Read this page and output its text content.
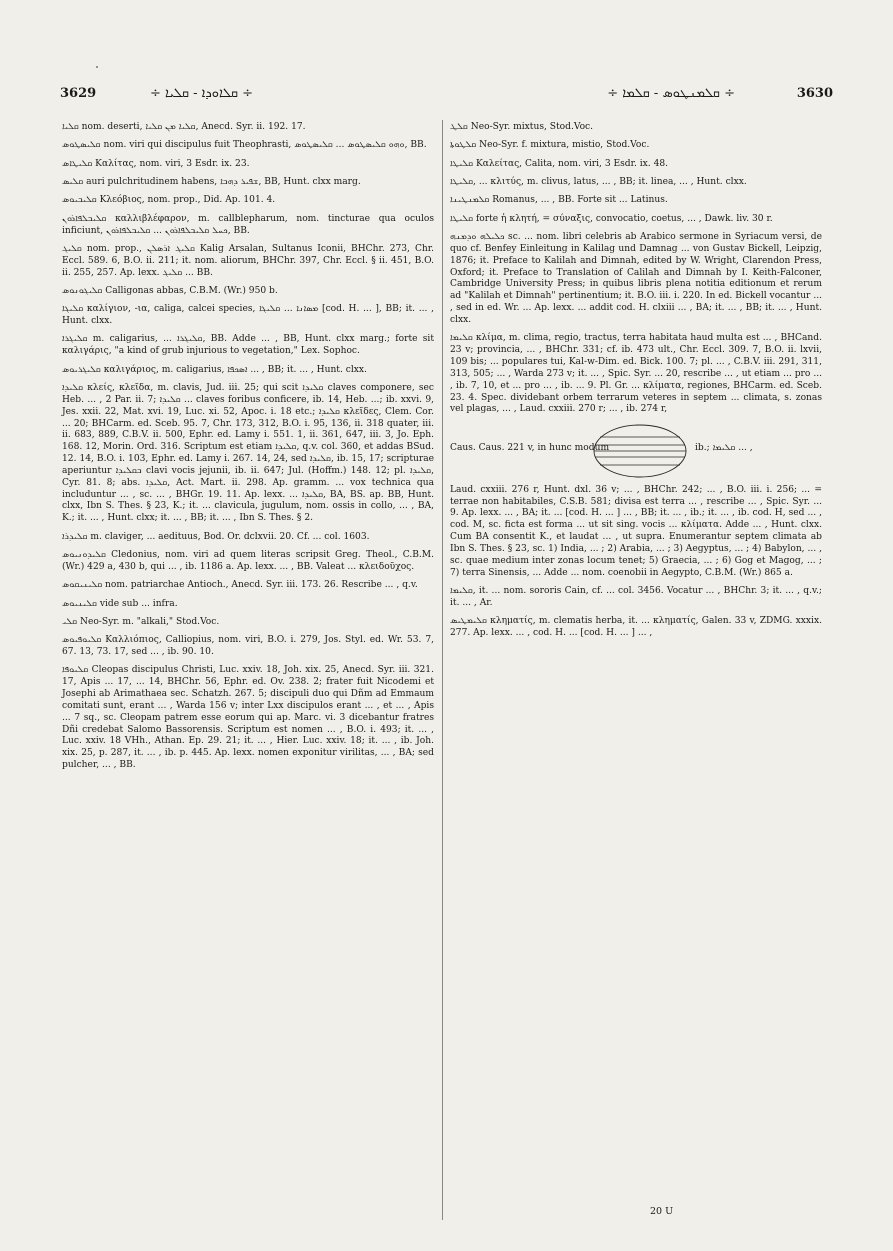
3629	÷ ܩܠܐܘܕܐ - ܩܠܝܐ ÷	÷ ܩܠܡܢܛܘܣ - ܩܠܡܐ ÷	3630

ܩܠܝܐ nom. deserti, ܩܠܝܐ ܡܢ ܩܠܝܐ, Anecd. Syr. ii. 192. 17.

ܩܠܝܣܛܘܣ nom. viri qui discipulus fuit Theophrasti, ܘܗܘ ܩܠܝܣܛܘܣ ... ܩܠܝܣܛܘܣ, BB.

ܩܠܝܛܐܣ Καλίτας, nom. viri, 3 Esdr. ix. 23.

ܩܠܝܣ auri pulchritudinem habens, ܫܦܝܪ ܕܗܒܐ, BB, Hunt. clxx marg.

ܩܠܝܒܝܘܣ Κλεόβιος, nom. prop., Did. Ap. 101. 4.

ܩܠܝܒܠܦܐܪܘܢ καλλιβλέφαρον, m. callblepharum, nom. tincturae qua oculos inficiunt, ܟܚܠ ܩܠܝܒܠܦܐܪܘܢ ... ܩܠܝܒܠܦܐܪܘܢ, BB.

ܩܠܝܓ nom. prop., ܩܠܝܓ ܐܪܣܠܢ Kalig Arsalan, Sultanus Iconii, BHChr. 273, Chr. Eccl. 589. 6, B.O. ii. 211; it. nom. aliorum, BHChr. 397, Chr. Eccl. § ii. 451, B.O. ii. 255, 257. Ap. lexx. ܩܠܝܓ ... BB.

ܩܠܝܓܘܢܘܣ Calligonas abbas, C.B.M. (Wr.) 950 b.

ܩܠܝܓܐ καλίγιον, -ια, caliga, calcei species, ܡܣܐܢܐ ... ܩܠܝܓܐ [cod. H. ... ], BB; it. ... , Hunt. clxx.

ܩܠܝܓܪܐ m. caligarius, ... ܩܠܝܓܪܐ, BB. Adde ... , BB, Hunt. clxx marg.; forte sit καλιγάρις, "a kind of grub injurious to vegetation," Lex. Sophoc.

ܩܠܝܓܪܝܘܣ καλιγάριος, m. caligarius, ܐܣܟܦܐ ... , BB; it. ... , Hunt. clxx.

ܩܠܝܕܐ κλείς, κλεῖδα, m. clavis, Jud. iii. 25; qui scit ܩܠܝܕܐ claves componere, sec Heb. ... , 2 Par. ii. 7; ܩܠܝܕܐ ... claves foribus conficere, ib. 14, Heb. ...; ib. xxvi. 9, Jes. xxii. 22, Mat. xvi. 19, Luc. xi. 52, Apoc. i. 18 etc.; ܩܠܝܕܐ κλεῖδες, Clem. Cor. ... 20; BHCarm. ed. Sceb. 95. 7, Chr. 173, 312, B.O. i. 95, 136, ii. 318 quater, iii. ii. 683, 889, C.B.V. ii. 500, Ephr. ed. Lamy i. 551. 1, ii. 361, 647, iii. 3, Jo. Eph. 168. 12, Morin. Ord. 316. Scriptum est etiam ܩܠܝܕܐ, q.v. col. 360, et addas BSud. 12. 14, B.O. i. 103, Ephr. ed. Lamy i. 267. 14, 24, sed ܩܠܝܕܐ, ib. 15, 17; scripturae aperiuntur ܒܩܠܝܕܐ clavi vocis jejunii, ib. ii. 647; Jul. (Hoffm.) 148. 12; pl. ܩܠܝܕܐ, Cyr. 81. 8; abs. ܩܠܝܕܐ, Act. Mart. ii. 298. Ap. gramm. ... vox technica qua includuntur ... , sc. ... , BHGr. 19. 11. Ap. lexx. ... ܩܠܝܕܐ, BA, BS. ap. BB, Hunt. clxx, Ibn S. Thes. § 23, K.; it. ... clavicula, jugulum, nom. ossis in collo, ... , BA, K.; it. ... , Hunt. clxx; it. ... , BB; it. ... , Ibn S. Thes. § 2.

ܩܠܝܕܪܐ m. claviger, ... aedituus, Bod. Or. dclxvii. 20. Cf. ... col. 1603.

ܩܠܝܕܘܢܝܘܣ Cledonius, nom. viri ad quem literas scripsit Greg. Theol., C.B.M. (Wr.) 429 a, 430 b, qui ... , ib. 1186 a. Ap. lexx. ... , BB. Valeat ... κλειδοῦχος.

ܩܠܝܢܝܩܘܣ nom. patriarchae Antioch., Anecd. Syr. iii. 173. 26. Rescribe ... , q.v.

ܩܠܝܢܝܘܣ vide sub ... infra.

ܩܠܝ Neo-Syr. m. "alkali," Stod.Voc.

ܩܠܝܘܦܝܘܣ Καλλιόπιος, Calliopius, nom. viri, B.O. i. 279, Jos. Styl. ed. Wr. 53. 7, 67. 13, 73. 17, sed ... , ib. 90. 10.

ܩܠܝܘܦܐ Cleopas discipulus Christi, Luc. xxiv. 18, Joh. xix. 25, Anecd. Syr. iii. 321. 17, Apis ... 17, ... 14, BHChr. 56, Ephr. ed. Ov. 238. 2; frater fuit Nicodemi et Josephi ab Arimathaea sec. Schatzh. 267. 5; discipuli duo qui Dñm ad Emmaum comitati sunt, erant ... , Warda 156 v; inter Lxx discipulos erant ... , et ... , Apis ... 7 sq., sc. Cleopam patrem esse eorum qui ap. Marc. vi. 3 dicebantur fratres Dñi credebat Salomo Bassorensis. Scriptum est nomen ... , B.O. i. 493; it. ... , Luc. xxiv. 18 VHh., Athan. Ep. 29. 21; it. ... , Hier. Luc. xxiv. 18; it. ... , ib. Joh. xix. 25, p. 287, it. ... , ib. p. 445. Ap. lexx. nomen exponitur virilitas, ... , BA; sed pulcher, ... , BB.

ܩܠܛ Neo-Syr. mixtus, Stod.Voc.

ܩܠܛܘܬܐ Neo-Syr. f. mixtura, mistio, Stod.Voc.

ܩܠܝܛܐ Καλείτας, Calita, nom. viri, 3 Esdr. ix. 48.

ܩܠܝܛܐ, ... κλιτύς, m. clivus, latus, ... , BB; it. linea, ... , Hunt. clxx.

ܩܠܡܢܛܝܢܐ Romanus, ... , BB. Forte sit ... Latinus.

ܩܠܝܛܐ forte ἡ κλητή, = σύναξις, convocatio, coetus, ... , Dawk. liv. 30 r.

ܟܠܝܠܗ ܘܕܡܢܗ sc. ... nom. libri celebris ab Arabico sermone in Syriacum versi, de quo cf. Benfey Einleitung in Kalilag und Damnag ... von Gustav Bickell, Leipzig, 1876; it. Preface to Kalilah and Dimnah, edited by W. Wright, Clarendon Press, Oxford; it. Preface to Translation of Calilah and Dimnah by I. Keith-Falconer, Cambridge University Press; in quibus libris plena notitia editionum et rerum ad "Kalilah et Dimnah" pertinentium; it. B.O. iii. i. 220. In ed. Bickell vocantur ... , sed in ed. Wr. ... Ap. lexx. ... addit cod. H. clxiii ... , BA; it. ... , BB; it. ... , Hunt. clxx.

ܩܠܝܡܐ κλίμα, m. clima, regio, tractus, terra habitata haud multa est ... , BHCand. 23 v; provincia, ... , BHChr. 331; cf. ib. 473 ult., Chr. Eccl. 309. 7, B.O. ii. lxvii, 109 bis; ... populares tui, Kal-w-Dim. ed. Bick. 100. 7; pl. ... , C.B.V. iii. 291, 311, 313, 505; ... , Warda 273 v; it. ... , Spic. Syr. ... 20, rescribe ... , ut etiam ... pro ... , ib. 7, 10, et ... pro ... , ib. ... 9. Pl. Gr. ... κλίματα, regiones, BHCarm. ed. Sceb. 23. 4. Spec. dividebant orbem terrarum veteres in septem ... climata, s. zonas vel plagas, ... , Laud. cxxiii. 270 r; ... , ib. 274 r,

Caus. Caus. 221 v, in hunc modum	ib.; ܩܠܝܡܐ ... ,

Laud. cxxiii. 276 r, Hunt. dxl. 36 v; ... , BHChr. 242; ... , B.O. iii. i. 256; ... = terrae non habitabiles, C.S.B. 581; divisa est terra ... , rescribe ... , Spic. Syr. ... 9. Ap. lexx. ... , BA; it. ... [cod. H. ... ] ... , BB; it. ... , ib.; it. ... , ib. cod. H, sed ... , cod. M, sc. ficta est forma ... ut sit sing. vocis ... κλίματα. Adde ... , Hunt. clxx. Cum BA consentit K., et laudat ... , ut supra. Enumerantur septem climata ab Ibn S. Thes. § 23, sc. 1) India, ... ; 2) Arabia, ... ; 3) Aegyptus, ... ; 4) Babylon, ... , sc. quae medium inter zonas locum tenet; 5) Graecia, ... ; 6) Gog et Magog, ... ; 7) terra Sinensis, ... Adde ... nom. coenobii in Aegypto, C.B.M. (Wr.) 865 a.

ܩܠܝܡܐ, it. ... nom. sororis Cain, cf. ... col. 3456. Vocatur ... , BHChr. 3; it. ... , q.v.; it. ... , Ar.

ܩܠܝܡܛܝܣ κληματίς, m. clematis herba, it. ... κληματίς, Galen. 33 v, ZDMG. xxxix. 277. Ap. lexx. ... , cod. H. ... [cod. H. ... ] ... ,

20 U
